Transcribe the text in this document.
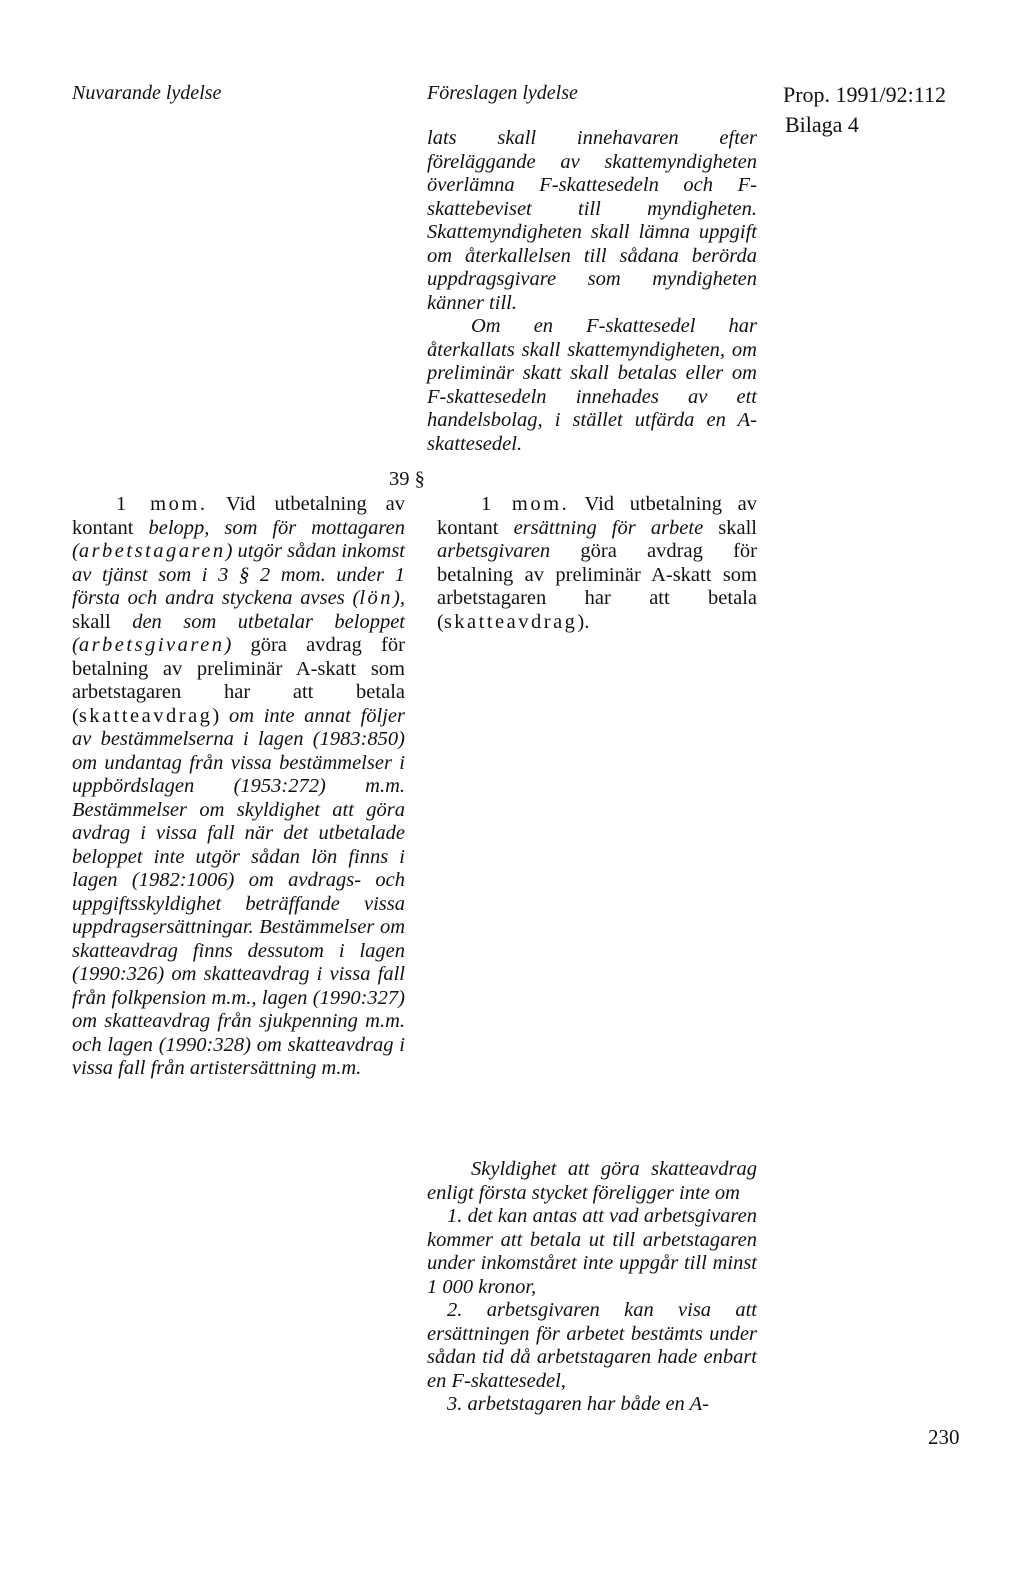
Nuvarande lydelse	Föreslagen lydelse	Prop. 1991/92:112
Bilaga 4

lats skall innehavaren efter föreläggande av skattemyndigheten överlämna F-skattesedeln och F-skattebeviset till myndigheten. Skattemyndigheten skall lämna uppgift om återkallelsen till sådana berörda uppdragsgivare som myndigheten känner till.

Om en F-skattesedel har återkallats skall skattemyndigheten, om preliminär skatt skall betalas eller om F-skattesedeln innehades av ett handelsbolag, i stället utfärda en A-skattesedel.

39 §

1 mom. Vid utbetalning av kontant belopp, som för mottagaren (arbetstagaren) utgör sådan inkomst av tjänst som i 3 § 2 mom. under 1 första och andra styckena avses (lön), skall den som utbetalar beloppet (arbetsgivaren) göra avdrag för betalning av preliminär A-skatt som arbetstagaren har att betala (skatteavdrag) om inte annat följer av bestämmelserna i lagen (1983:850) om undantag från vissa bestämmelser i uppbördslagen (1953:272) m.m. Bestämmelser om skyldighet att göra avdrag i vissa fall när det utbetalade beloppet inte utgör sådan lön finns i lagen (1982:1006) om avdrags- och uppgiftsskyldighet beträffande vissa uppdragsersättningar. Bestämmelser om skatteavdrag finns dessutom i lagen (1990:326) om skatteavdrag i vissa fall från folkpension m.m., lagen (1990:327) om skatteavdrag från sjukpenning m.m. och lagen (1990:328) om skatteavdrag i vissa fall från artistersättning m.m.

1 mom. Vid utbetalning av kontant ersättning för arbete skall arbetsgivaren göra avdrag för betalning av preliminär A-skatt som arbetstagaren har att betala (skatteavdrag).

Skyldighet att göra skatteavdrag enligt första stycket föreligger inte om

1. det kan antas att vad arbetsgivaren kommer att betala ut till arbetstagaren under inkomståret inte uppgår till minst 1 000 kronor,
2. arbetsgivaren kan visa att ersättningen för arbetet bestämts under sådan tid då arbetstagaren hade enbart en F-skattesedel,
3. arbetstagaren har både en A-
230
